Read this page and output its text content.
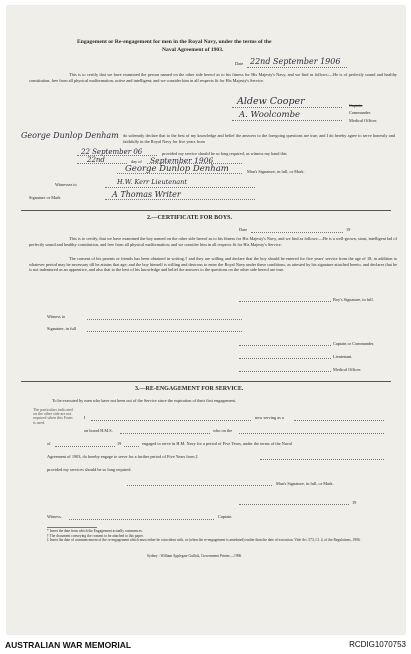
Engagement or Re-engagement for men in the Royal Navy, under the terms of the
Naval Agreement of 1903.
Date 22nd September 1906
This is to certify that we have examined the person named on the other side hereof as to his fitness for His Majesty's Navy, and we find as follows:—He is of perfectly sound and healthy constitution, free from all physical malformation, active and intelligent; and we consider him in all respects fit for His Majesty's Service.
Aldew Cooper	Captain
Commander.
A. Woolcombe
Medical Officer.
George Dunlop Denham do solemnly declare that to the best of my knowledge and belief the answers to the foregoing questions are true, and I do hereby agree to serve honestly and faithfully in the Royal Navy for five years from
22 September 06	provided my service should be so long required, as witness my hand this
22nd	day of September 1906
George Dunlop Denham	Man's Signature, in full, or Mark.
Witnesses to
Signature or Mark
H.W. Kerr Lieutenant
A Thomas Writer
2.—CERTIFICATE FOR BOYS.
Date	19
This is to certify, that we have examined the boy named on the other side hereof as to his fitness for His Majesty's Navy, and we find as follows:—He is a well-grown, stout, intelligent lad of perfectly sound and healthy constitution, and free from all physical malformation; and we consider him in all respects fit for His Majesty's Service.
The consent of his parents or friends has been obtained in writing,† and they are willing and declare that the boy should be entered for five years' service from the age of 18, in addition to whatever period may be necessary till he attains that age; and the boy himself is willing and desirous to enter the Royal Navy under these conditions, as attested by his signature attached hereto, and declares that he is not indentured as an apprentice, and also that to the best of his knowledge and belief the answers to the questions on the other side hereof are true.
Boy's Signature, in full.
Witness to
Signature, in full
Captain or Commander.
Lieutenant.
Medical Officer.
3.—RE-ENGAGEMENT FOR SERVICE.
To be executed by men who have not been out of the Service since the expiration of their first engagement.
The particulars indicated on the other side are not required when this Form is used.
I	now serving as a
on board H.M.S.	who on the
of	19	engaged to serve in H.M. Navy for a period of Five Years, under the terms of the Naval
Agreement of 1903, do hereby engage to serve for a further period of Five Years from ‡
provided my services should be so long required.
Man's Signature, in full, or Mark.
19
Witness,	Captain.
* Insert the date from which the Engagement actually commences.
† The document conveying the consent to be attached to this paper.
‡ Insert the date of commencement of the re-engagement which must either be coincident with, or (when the re-engagement is antedated) earlier than the date of execution. Vide Art. 573, Cl. 4, of the Regulations, 1906.
Sydney : William Applegate Gullick, Government Printer.—1906.
AUSTRALIAN WAR MEMORIAL	RCDIG1070753
